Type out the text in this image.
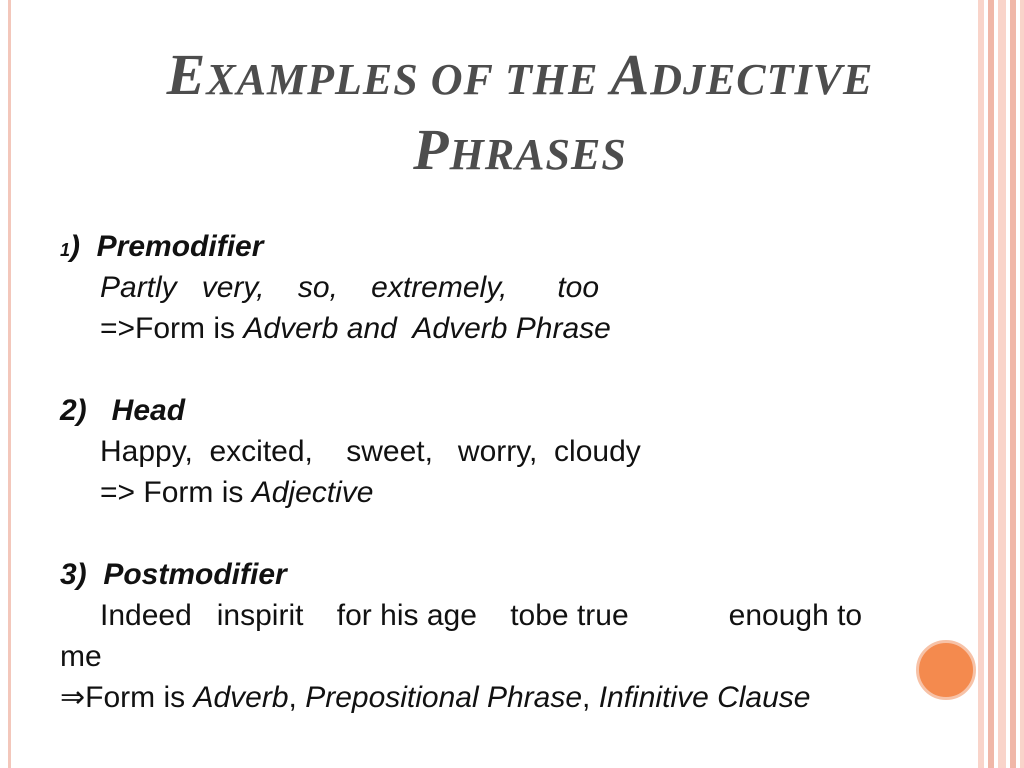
EXAMPLES OF THE ADJECTIVE
PHRASES
1)  Premodifier
Partly   very,    so,    extremely,      too
=>Form is Adverb and  Adverb Phrase
2)   Head
Happy,  excited,    sweet,   worry,  cloudy
=> Form is Adjective
3)  Postmodifier
Indeed   inspirit    for his age    tobe true            enough to
me
⇒Form is Adverb, Prepositional Phrase, Infinitive Clause
